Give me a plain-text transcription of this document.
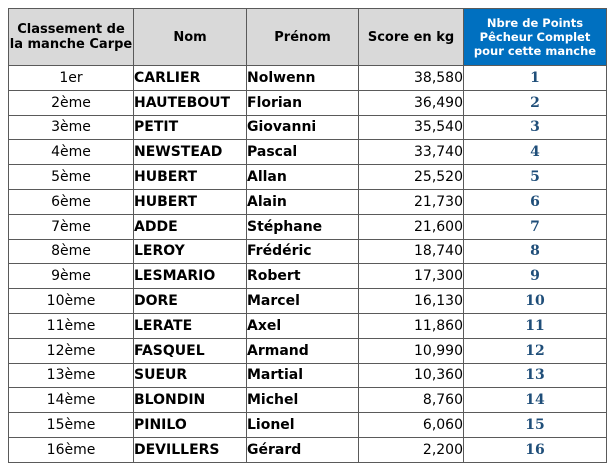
Classement de la manche Carpe	Nom	Prénom	Score en kg	Nbre de Points Pêcheur Complet pour cette manche
1er	CARLIER	Nolwenn	38,580	1
2ème	HAUTEBOUT	Florian	36,490	2
3ème	PETIT	Giovanni	35,540	3
4ème	NEWSTEAD	Pascal	33,740	4
5ème	HUBERT	Allan	25,520	5
6ème	HUBERT	Alain	21,730	6
7ème	ADDE	Stéphane	21,600	7
8ème	LEROY	Frédéric	18,740	8
9ème	LESMARIO	Robert	17,300	9
10ème	DORE	Marcel	16,130	10
11ème	LERATE	Axel	11,860	11
12ème	FASQUEL	Armand	10,990	12
13ème	SUEUR	Martial	10,360	13
14ème	BLONDIN	Michel	8,760	14
15ème	PINILO	Lionel	6,060	15
16ème	DEVILLERS	Gérard	2,200	16
